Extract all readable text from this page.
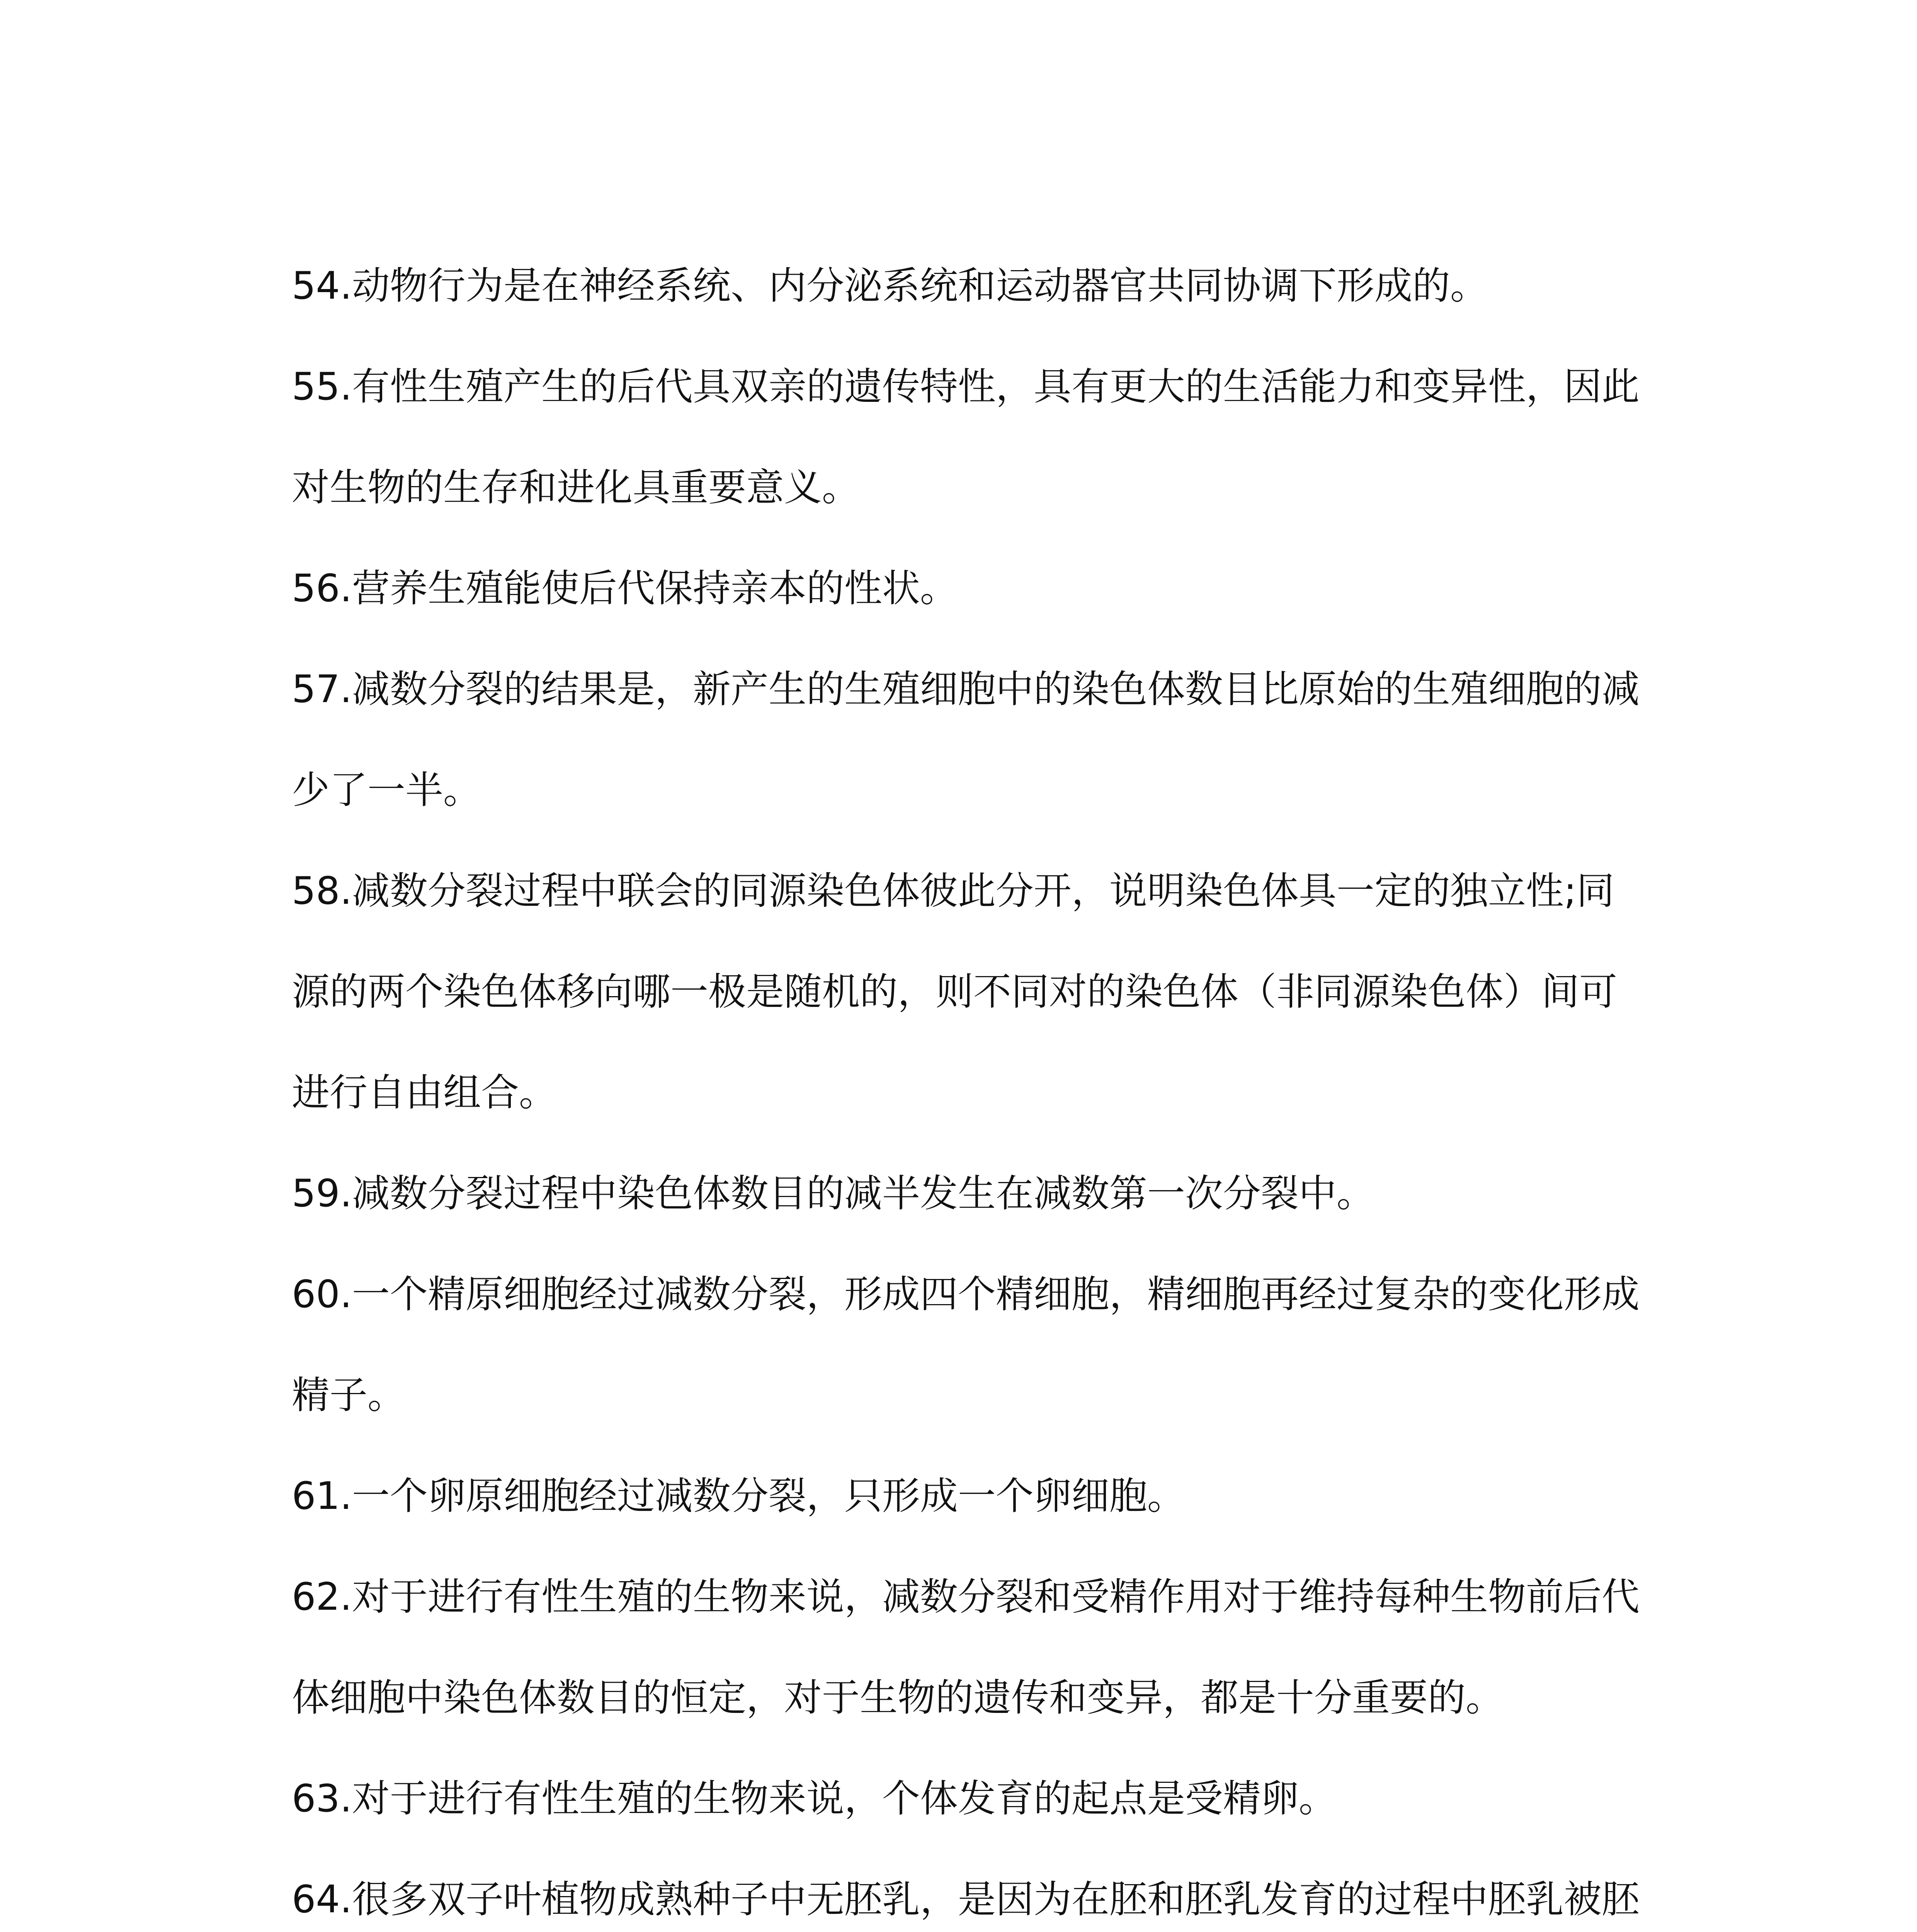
54.动物行为是在神经系统、内分泌系统和运动器官共同协调下形成的。

55.有性生殖产生的后代具双亲的遗传特性，具有更大的生活能力和变异性，因此对生物的生存和进化具重要意义。

56.营养生殖能使后代保持亲本的性状。

57.减数分裂的结果是，新产生的生殖细胞中的染色体数目比原始的生殖细胞的减少了一半。

58.减数分裂过程中联会的同源染色体彼此分开，说明染色体具一定的独立性;同源的两个染色体移向哪一极是随机的，则不同对的染色体（非同源染色体）间可进行自由组合。

59.减数分裂过程中染色体数目的减半发生在减数第一次分裂中。

60.一个精原细胞经过减数分裂，形成四个精细胞，精细胞再经过复杂的变化形成精子。

61.一个卵原细胞经过减数分裂，只形成一个卵细胞。

62.对于进行有性生殖的生物来说，减数分裂和受精作用对于维持每种生物前后代体细胞中染色体数目的恒定，对于生物的遗传和变异，都是十分重要的。

63.对于进行有性生殖的生物来说，个体发育的起点是受精卵。

64.很多双子叶植物成熟种子中无胚乳，是因为在胚和胚乳发育的过程中胚乳被胚
